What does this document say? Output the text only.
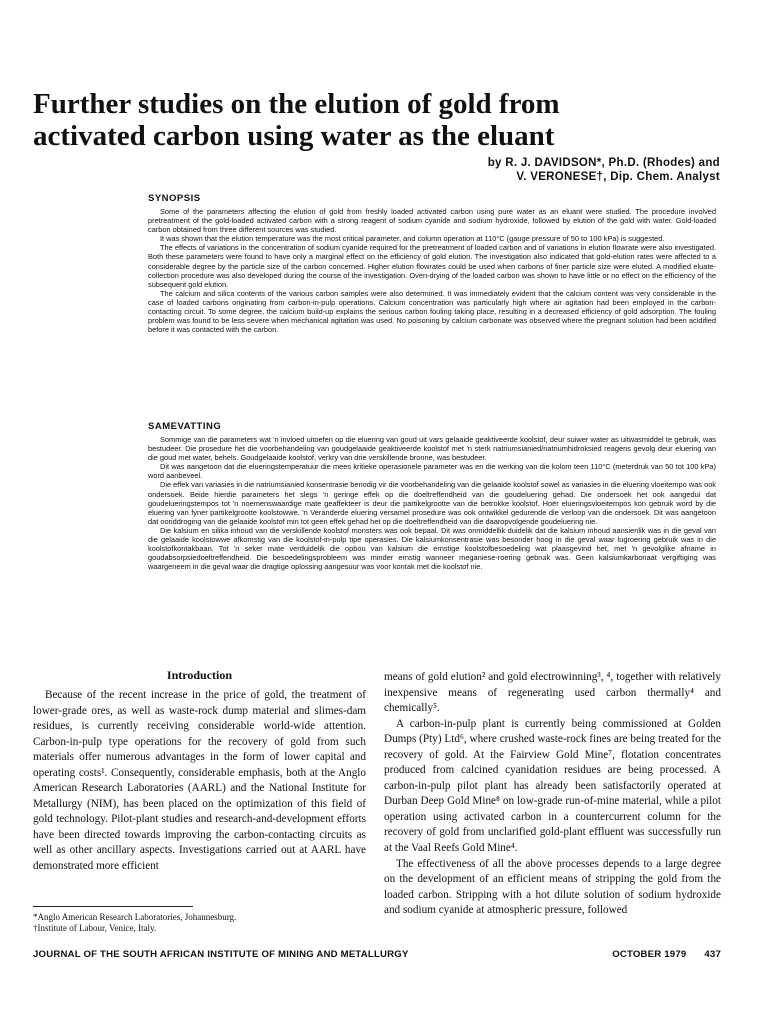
Further studies on the elution of gold from
activated carbon using water as the eluant
by R. J. DAVIDSON*, Ph.D. (Rhodes) and
V. VERONESE†, Dip. Chem. Analyst
SYNOPSIS

Some of the parameters affecting the elution of gold from freshly loaded activated carbon using pure water as an eluant were studied. The procedure involved pretreatment of the gold-loaded activated carbon with a strong reagent of sodium cyanide and sodium hydroxide, followed by elution of the gold with water. Gold-loaded carbon obtained from three different sources was studied.

It was shown that the elution temperature was the most critical parameter, and column operation at 110°C (gauge pressure of 50 to 100 kPa) is suggested.

The effects of variations in the concentration of sodium cyanide required for the pretreatment of loaded carbon and of variations in elution flowrate were also investigated. Both these parameters were found to have only a marginal effect on the efficiency of gold elution. The investigation also indicated that gold-elution rates were affected to a considerable degree by the particle size of the carbon concerned. Higher elution flowrates could be used when carbons of finer particle size were eluted. A modified eluate-collection procedure was also developed during the course of the investigation. Oven-drying of the loaded carbon was shown to have little or no effect on the efficiency of the subsequent gold elution.

The calcium and silica contents of the various carbon samples were also determined. It was immediately evident that the calcium content was very considerable in the case of loaded carbons originating from carbon-in-pulp operations. Calcium concentration was particularly high where air agitation had been employed in the carbon-contacting circuit. To some degree, the calcium build-up explains the serious carbon fouling taking place, resulting in a decreased efficiency of gold adsorption. The fouling problem was found to be less severe when mechanical agitation was used. No poisoning by calcium carbonate was observed where the pregnant solution had been acidified before it was contacted with the carbon.

SAMEVATTING

Sommige van die parameters wat 'n invloed uitoefen op die eluering van goud uit vars gelaaide geaktiveerde koolstof, deur suiwer water as uitwasmiddel te gebruik, was bestudeer. Die prosedure het die voorbehandeling van goudgelaaide geaktiveerde koolstof met 'n sterk natriumsianied/natriumhidroksied reagens gevolg deur eluering van die goud met water, behels. Goudgelaaide koolstof, verkry van drie verskillende bronne, was bestudeer.

Dit was aangetoon dat die elueringstemperatuur die mees kritieke operasionele parameter was en die werking van die kolom teen 110°C (meterdruk van 50 tot 100 kPa) word aanbeveel.

Die effek van variasies in die natriumsianied konsentrasie benodig vir die voorbehandeling van die gelaaide koolstof sowel as variasies in die eluering vloeitempo was ook ondersoek. Beide hierdie parameters het slegs 'n geringe effek op die doeltreffendheid van die goudeluering gehad. Die ondersoek het ook aangedui dat goudelueringstempos tot 'n noemenswaardige mate geaffekteer is deur die partikelgrootte van die betrokke koolstof. Hoër elueringsvloeitempos kon gebruik word by die eluering van fyner partikelgrootte koolstowwe. 'n Veranderde eluering versamel prosedure was ook ontwikkel gedurende die verloop van die ondersoek. Dit was aangetoon dat oonddroging van die gelaaide koolstof min tot geen effek gehad het op die doeltreffendheid van die daaropvolgende goudeluering nie.

Die kalsium en silika inhoud van die verskillende koolstof monsters was ook bepaal. Dit was onmiddellik duidelik dat die kalsium inhoud aansienlik was in die geval van die gelaaide koolstowwe afkomstig van die koolstof-in-pulp tipe operasies. Die kalsiumkonsentrasie was besonder hoog in die geval waar lugroering gebruik was in die koolstofkontakbaan. Tot 'n seker mate verduidelik die opbou van kalsium die ernstige koolstofbesoedeling wat plaasgevind het, met 'n gevolglike afname in goudabsorpsiedoeltreffendheid. Die besoedelingsprobleem was minder ernstig wanneer meganiese-roering gebruik was. Geen kalsiumkarbonaat vergiftiging was waargeneem in die geval waar die dragtige oplossing aangesuur was voor kontak met die koolstof nie.

Introduction

Because of the recent increase in the price of gold, the treatment of lower-grade ores, as well as waste-rock dump material and slimes-dam residues, is currently receiving considerable world-wide attention. Carbon-in-pulp type operations for the recovery of gold from such materials offer numerous advantages in the form of lower capital and operating costs¹. Consequently, considerable emphasis, both at the Anglo American Research Laboratories (AARL) and the National Institute for Metallurgy (NIM), has been placed on the optimization of this field of gold technology. Pilot-plant studies and research-and-development efforts have been directed towards improving the carbon-contacting circuits as well as other ancillary aspects. Investigations carried out at AARL have demonstrated more efficient

means of gold elution² and gold electrowinning³, ⁴, together with relatively inexpensive means of regenerating used carbon thermally⁴ and chemically⁵.

A carbon-in-pulp plant is currently being commissioned at Golden Dumps (Pty) Ltd⁶, where crushed waste-rock fines are being treated for the recovery of gold. At the Fairview Gold Mine⁷, flotation concentrates produced from calcined cyanidation residues are being processed. A carbon-in-pulp pilot plant has already been satisfactorily operated at Durban Deep Gold Mine⁸ on low-grade run-of-mine material, while a pilot operation using activated carbon in a countercurrent column for the recovery of gold from unclarified gold-plant effluent was successfully run at the Vaal Reefs Gold Mine⁴.

The effectiveness of all the above processes depends to a large degree on the development of an efficient means of stripping the gold from the loaded carbon. Stripping with a hot dilute solution of sodium hydroxide and sodium cyanide at atmospheric pressure, followed

*Anglo American Research Laboratories, Johannesburg.
†Institute of Labour, Venice, Italy.
JOURNAL OF THE SOUTH AFRICAN INSTITUTE OF MINING AND METALLURGY	OCTOBER 1979 437
